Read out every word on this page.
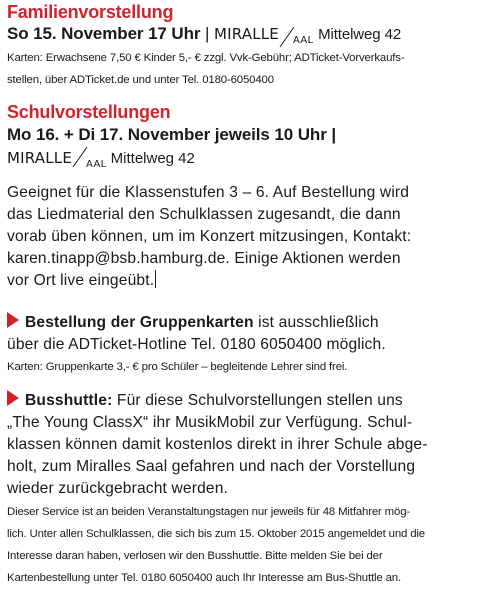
Familienvorstellung
So 15. November 17 Uhr | MIRALLE $_{AAL}$ Mittelweg 42
Karten: Erwachsene 7,50 € Kinder 5,- € zzgl. Vvk-Gebühr; ADTicket-Vorverkaufs-
stellen, über ADTicket.de und unter Tel. 0180-6050400
Schulvorstellungen
Mo 16. + Di 17. November jeweils 10 Uhr |
MIRALLE $_{AAL}$ Mittelweg 42
Geeignet für die Klassenstufen 3 – 6. Auf Bestellung wird
das Liedmaterial den Schulklassen zugesandt, die dann
vorab üben können, um im Konzert mitzusingen, Kontakt:
karen.tinapp@bsb.hamburg.de. Einige Aktionen werden
vor Ort live eingeübt.
Bestellung der Gruppenkarten ist ausschließlich
über die ADTicket-Hotline Tel. 0180 6050400 möglich.
Karten: Gruppenkarte 3,- € pro Schüler – begleitende Lehrer sind frei.
Busshuttle: Für diese Schulvorstellungen stellen uns
„The Young ClassX“ ihr MusikMobil zur Verfügung. Schul-
klassen können damit kostenlos direkt in ihrer Schule abge-
holt, zum Miralles Saal gefahren und nach der Vorstellung
wieder zurückgebracht werden.
Dieser Service ist an beiden Veranstaltungstagen nur jeweils für 48 Mitfahrer mög-
lich. Unter allen Schulklassen, die sich bis zum 15. Oktober 2015 angemeldet und die
Interesse daran haben, verlosen wir den Busshuttle. Bitte melden Sie bei der
Kartenbestellung unter Tel. 0180 6050400 auch Ihr Interesse am Bus-Shuttle an.
